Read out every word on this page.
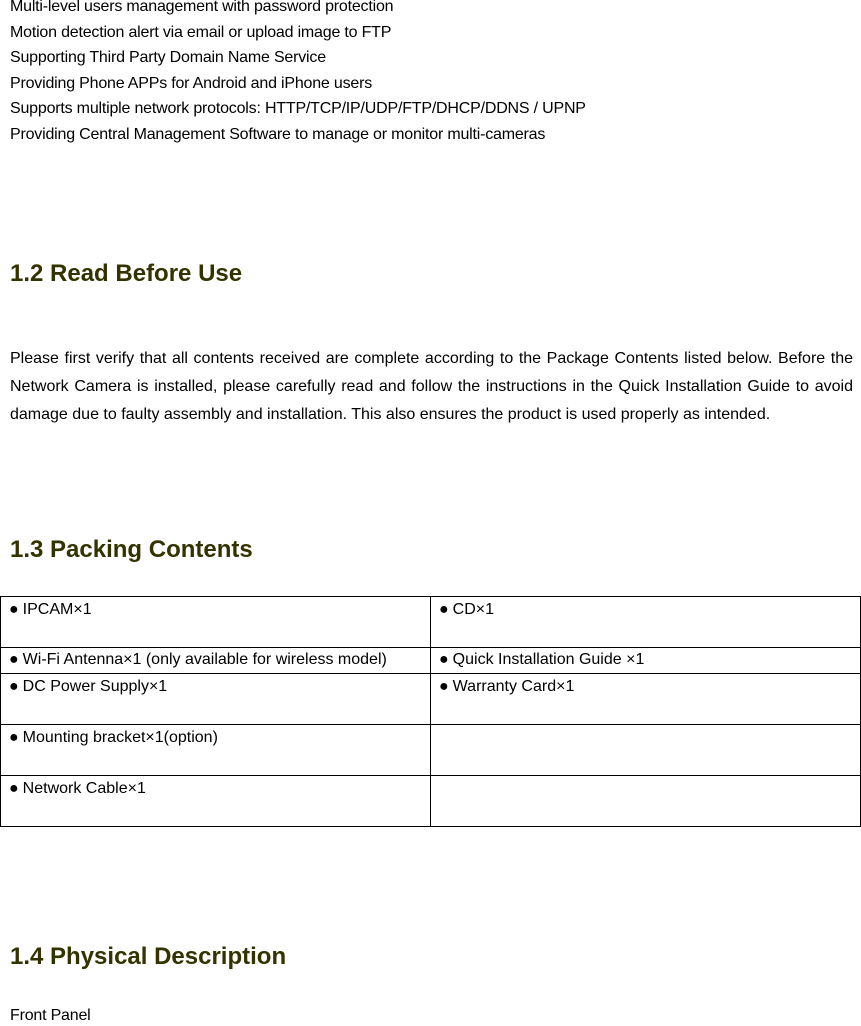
Multi-level users management with password protection
Motion detection alert via email or upload image to FTP
Supporting Third Party Domain Name Service
Providing Phone APPs for Android and iPhone users
Supports multiple network protocols: HTTP/TCP/IP/UDP/FTP/DHCP/DDNS / UPNP
Providing Central Management Software to manage or monitor multi-cameras
1.2 Read Before Use
Please first verify that all contents received are complete according to the Package Contents listed below. Before the Network Camera is installed, please carefully read and follow the instructions in the Quick Installation Guide to avoid damage due to faulty assembly and installation. This also ensures the product is used properly as intended.
1.3 Packing Contents
● IPCAM×1	● CD×1
● Wi-Fi Antenna×1 (only available for wireless model)	● Quick Installation Guide ×1
● DC Power Supply×1	● Warranty Card×1
● Mounting bracket×1(option)	
● Network Cable×1	
1.4 Physical Description
Front Panel
